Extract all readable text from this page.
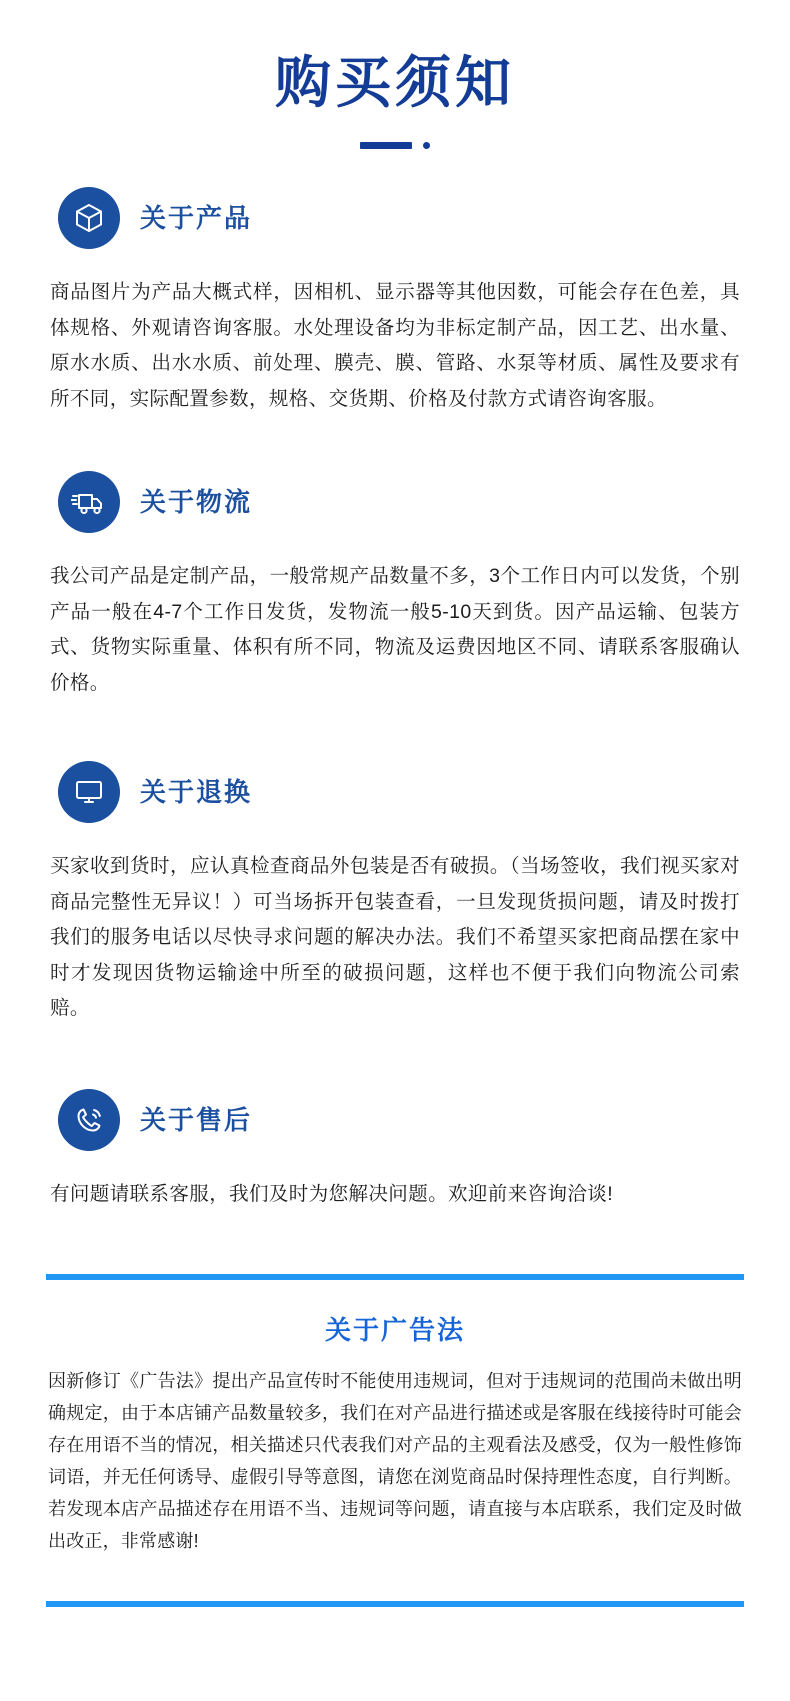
购买须知
关于产品

商品图片为产品大概式样，因相机、显示器等其他因数，可能会存在色差，具体规格、外观请咨询客服。水处理设备均为非标定制产品，因工艺、出水量、原水水质、出水水质、前处理、膜壳、膜、管路、水泵等材质、属性及要求有所不同，实际配置参数，规格、交货期、价格及付款方式请咨询客服。

关于物流

我公司产品是定制产品，一般常规产品数量不多，3个工作日内可以发货，个别产品一般在4-7个工作日发货，发物流一般5-10天到货。因产品运输、包装方式、货物实际重量、体积有所不同，物流及运费因地区不同、请联系客服确认价格。

关于退换

买家收到货时，应认真检查商品外包装是否有破损。（当场签收，我们视买家对商品完整性无异议！）可当场拆开包装查看，一旦发现货损问题，请及时拨打我们的服务电话以尽快寻求问题的解决办法。我们不希望买家把商品摆在家中时才发现因货物运输途中所至的破损问题，这样也不便于我们向物流公司索赔。

关于售后

有问题请联系客服，我们及时为您解决问题。欢迎前来咨询洽谈!

关于广告法

因新修订《广告法》提出产品宣传时不能使用违规词，但对于违规词的范围尚未做出明确规定，由于本店铺产品数量较多，我们在对产品进行描述或是客服在线接待时可能会存在用语不当的情况，相关描述只代表我们对产品的主观看法及感受，仅为一般性修饰词语，并无任何诱导、虚假引导等意图，请您在浏览商品时保持理性态度，自行判断。若发现本店产品描述存在用语不当、违规词等问题，请直接与本店联系，我们定及时做出改正，非常感谢!
